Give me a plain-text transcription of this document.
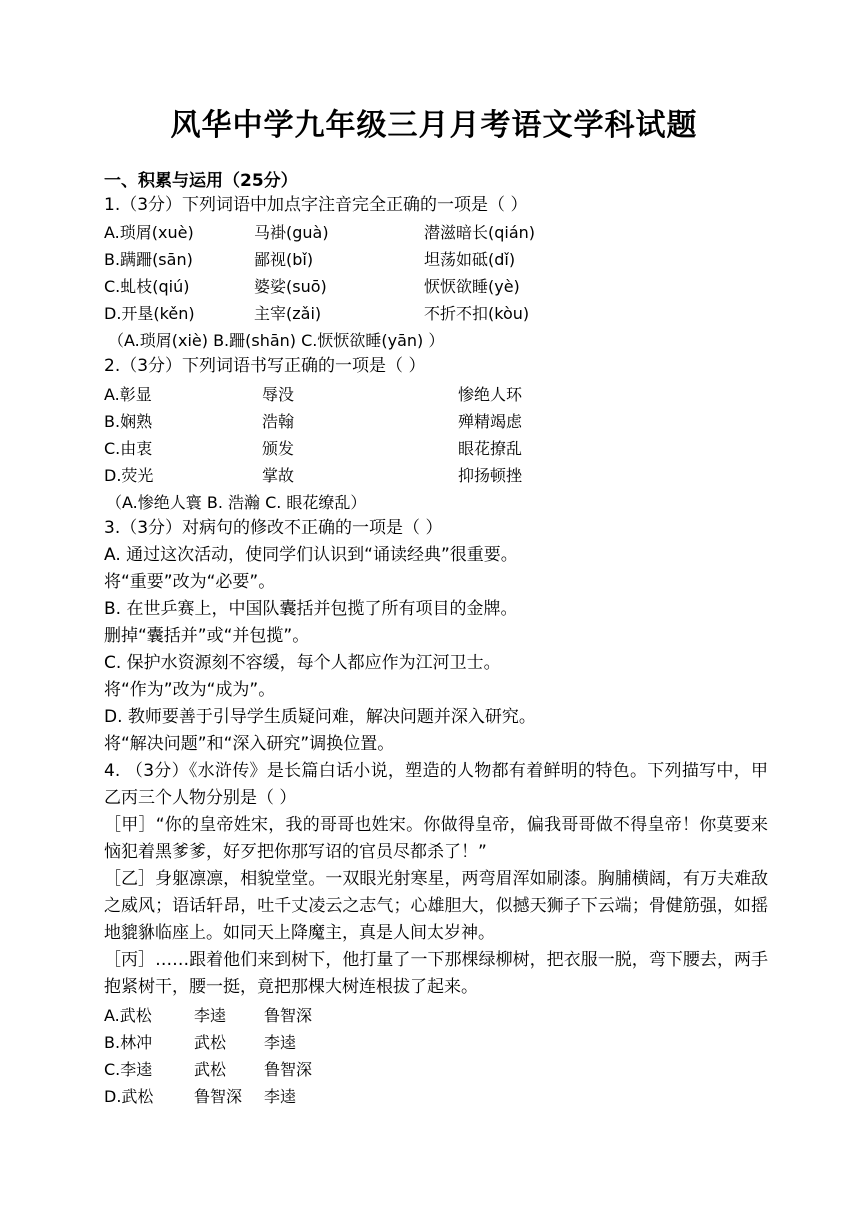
风华中学九年级三月月考语文学科试题
一、积累与运用（25分）
1.（3分）下列词语中加点字注音完全正确的一项是（ ）
A.琐屑(xuè)	马褂(guà)	潜滋暗长(qián)
B.蹒跚(sān)	鄙视(bǐ)	坦荡如砥(dǐ)
C.虬枝(qiú)	婆娑(suō)	恹恹欲睡(yè)
D.开垦(kěn)	主宰(zǎi)	不折不扣(kòu)
（A.琐屑(xiè) B.跚(shān) C.恹恹欲睡(yān) ）
2.（3分）下列词语书写正确的一项是（ ）
A.彰显	辱没	惨绝人环
B.娴熟	浩翰	殚精竭虑
C.由衷	颁发	眼花撩乱
D.荧光	掌故	抑扬顿挫
（A.惨绝人寰 B. 浩瀚 C. 眼花缭乱）
3.（3分）对病句的修改不正确的一项是（ ）
A. 通过这次活动，使同学们认识到“诵读经典”很重要。
将“重要”改为“必要”。
B. 在世乒赛上，中国队囊括并包揽了所有项目的金牌。
删掉“囊括并”或“并包揽”。
C. 保护水资源刻不容缓，每个人都应作为江河卫士。
将“作为”改为“成为”。
D. 教师要善于引导学生质疑问难，解决问题并深入研究。
将“解决问题”和“深入研究”调换位置。
4. （3分）《水浒传》是长篇白话小说，塑造的人物都有着鲜明的特色。下列描写中，甲乙丙三个人物分别是（ ）
［甲］“你的皇帝姓宋，我的哥哥也姓宋。你做得皇帝，偏我哥哥做不得皇帝！你莫要来恼犯着黑爹爹，好歹把你那写诏的官员尽都杀了！”
［乙］身躯凛凛，相貌堂堂。一双眼光射寒星，两弯眉浑如刷漆。胸脯横阔，有万夫难敌之威风；语话轩昂，吐千丈凌云之志气；心雄胆大，似撼天狮子下云端；骨健筋强，如摇地貔貅临座上。如同天上降魔主，真是人间太岁神。
［丙］……跟着他们来到树下，他打量了一下那棵绿柳树，把衣服一脱，弯下腰去，两手抱紧树干，腰一挺，竟把那棵大树连根拔了起来。
A.武松	李逵 鲁智深
B.林冲	武松 李逵
C.李逵	武松 鲁智深
D.武松	鲁智深 李逵
